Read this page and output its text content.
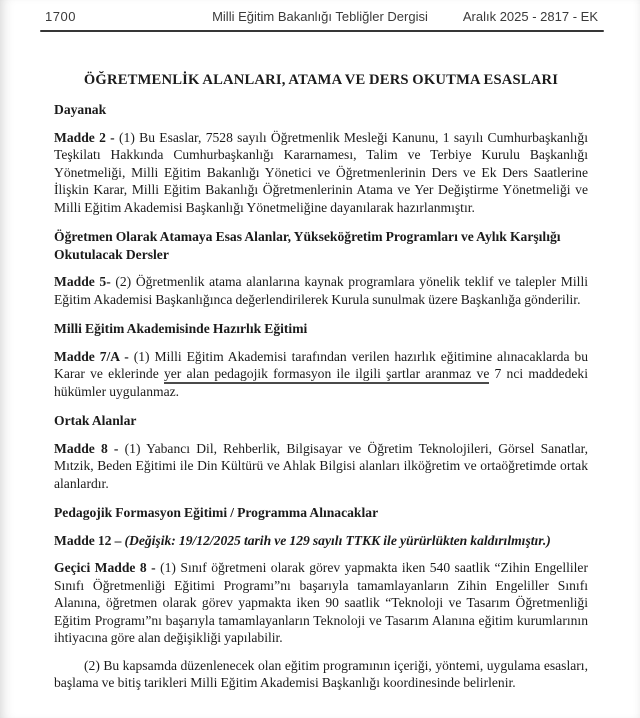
1700	Milli Eğitim Bakanlığı Tebliğler Dergisi	Aralık 2025 - 2817 - EK
ÖĞRETMENLİK ALANLARI, ATAMA VE DERS OKUTMA ESASLARI
Dayanak

Madde 2 - (1) Bu Esaslar, 7528 sayılı Öğretmenlik Mesleği Kanunu, 1 sayılı Cumhurbaşkanlığı Teşkilatı Hakkında Cumhurbaşkanlığı Kararnamesı, Talim ve Terbiye Kurulu Başkanlığı Yönetmeliği, Milli Eğitim Bakanlığı Yönetici ve Öğretmenlerinin Ders ve Ek Ders Saatlerine İlişkin Karar, Milli Eğitim Bakanlığı Öğretmenlerinin Atama ve Yer Değiştirme Yönetmeliği ve Milli Eğitim Akademisi Başkanlığı Yönetmeliğine dayanılarak hazırlanmıştır.

Öğretmen Olarak Atamaya Esas Alanlar, Yükseköğretim Programları ve Aylık Karşılığı Okutulacak Dersler

Madde 5- (2) Öğretmenlik atama alanlarına kaynak programlara yönelik teklif ve talepler Milli Eğitim Akademisi Başkanlığınca değerlendirilerek Kurula sunulmak üzere Başkanlığa gönderilir.

Milli Eğitim Akademisinde Hazırlık Eğitimi

Madde 7/A - (1) Milli Eğitim Akademisi tarafından verilen hazırlık eğitimine alınacaklarda bu Karar ve eklerinde yer alan pedagojik formasyon ile ilgili şartlar aranmaz ve 7 nci maddedeki hükümler uygulanmaz.

Ortak Alanlar

Madde 8 - (1) Yabancı Dil, Rehberlik, Bilgisayar ve Öğretim Teknolojileri, Görsel Sanatlar, Mıtzik, Beden Eğitimi ile Din Kültürü ve Ahlak Bilgisi alanları ilköğretim ve ortaöğretimde ortak alanlardır.

Pedagojik Formasyon Eğitimi / Programma Alınacaklar

Madde 12 – (Değişik: 19/12/2025 tarih ve 129 sayılı TTKK ile yürürlükten kaldırılmıştır.)

Geçici Madde 8 - (1) Sınıf öğretmeni olarak görev yapmakta iken 540 saatlik “Zihin Engelliler Sınıfı Öğretmenliği Eğitimi Programı”nı başarıyla tamamlayanların Zihin Engeliller Sınıfı Alanına, öğretmen olarak görev yapmakta iken 90 saatlik “Teknoloji ve Tasarım Öğretmenliği Eğitim Programı”nı başarıyla tamamlayanların Teknoloji ve Tasarım Alanına eğitim kurumlarının ihtiyacına göre alan değişikliği yapılabilir.

(2) Bu kapsamda düzenlenecek olan eğitim programının içeriği, yöntemi, uygulama esasları, başlama ve bitiş tarikleri Milli Eğitim Akademisi Başkanlığı koordinesinde belirlenir.
